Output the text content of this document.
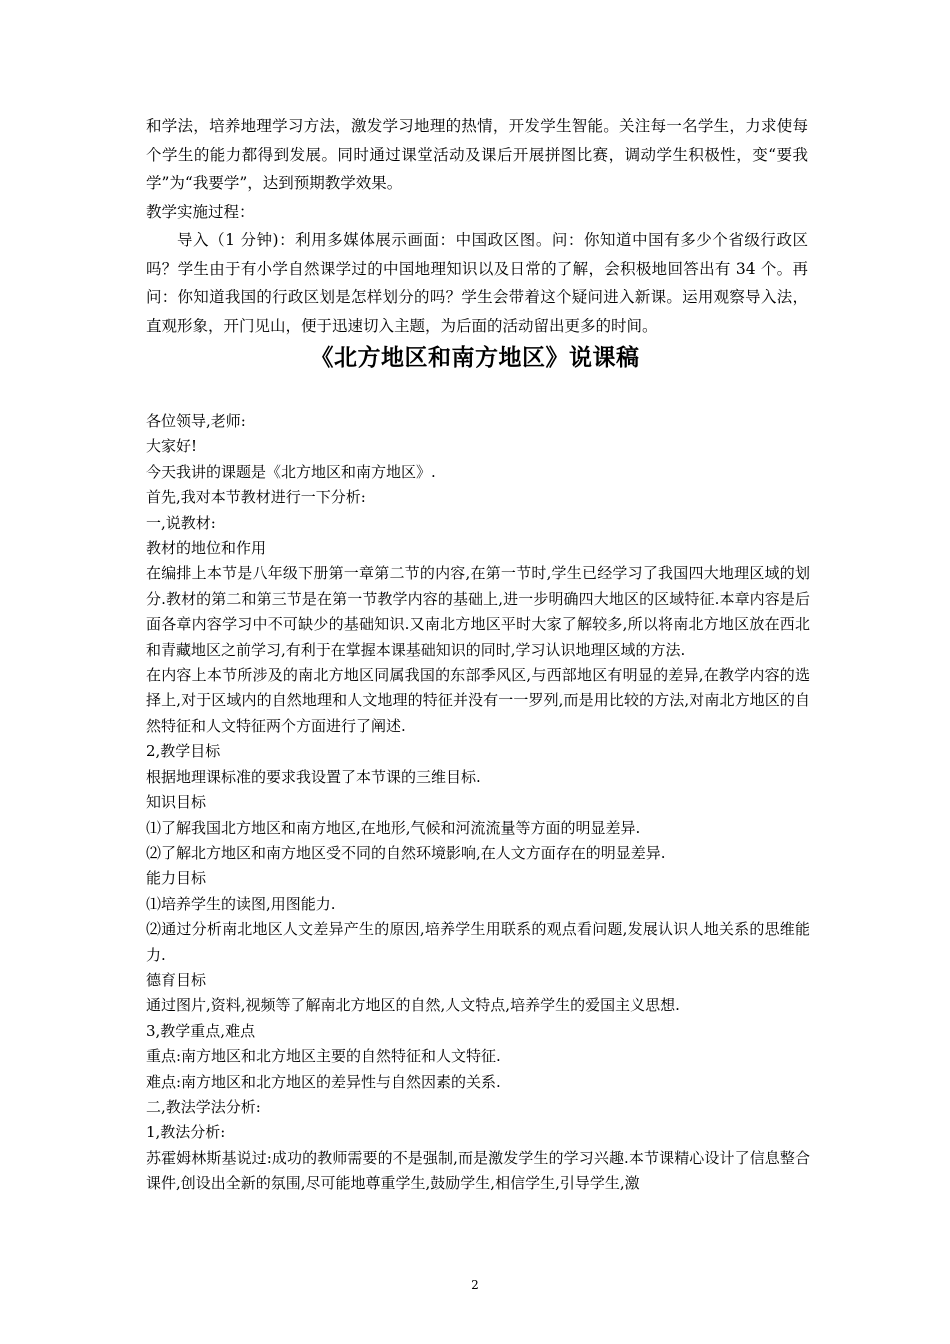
和学法，培养地理学习方法，激发学习地理的热情，开发学生智能。关注每一名学生，力求使每个学生的能力都得到发展。同时通过课堂活动及课后开展拼图比赛，调动学生积极性，变“要我学”为“我要学”，达到预期教学效果。

教学实施过程：

导入（1 分钟)：利用多媒体展示画面：中国政区图。问：你知道中国有多少个省级行政区吗？学生由于有小学自然课学过的中国地理知识以及日常的了解，会积极地回答出有 34 个。再问：你知道我国的行政区划是怎样划分的吗？学生会带着这个疑问进入新课。运用观察导入法，直观形象，开门见山，便于迅速切入主题，为后面的活动留出更多的时间。

《北方地区和南方地区》说课稿

各位领导,老师:

大家好!

今天我讲的课题是《北方地区和南方地区》.

首先,我对本节教材进行一下分析:

一,说教材:

教材的地位和作用

在编排上本节是八年级下册第一章第二节的内容,在第一节时,学生已经学习了我国四大地理区域的划分.教材的第二和第三节是在第一节教学内容的基础上,进一步明确四大地区的区域特征.本章内容是后面各章内容学习中不可缺少的基础知识.又南北方地区平时大家了解较多,所以将南北方地区放在西北和青藏地区之前学习,有利于在掌握本课基础知识的同时,学习认识地理区域的方法.

在内容上本节所涉及的南北方地区同属我国的东部季风区,与西部地区有明显的差异,在教学内容的选择上,对于区域内的自然地理和人文地理的特征并没有一一罗列,而是用比较的方法,对南北方地区的自然特征和人文特征两个方面进行了阐述.

2,教学目标

根据地理课标准的要求我设置了本节课的三维目标.

知识目标

⑴了解我国北方地区和南方地区,在地形,气候和河流流量等方面的明显差异.

⑵了解北方地区和南方地区受不同的自然环境影响,在人文方面存在的明显差异.

能力目标

⑴培养学生的读图,用图能力.

⑵通过分析南北地区人文差异产生的原因,培养学生用联系的观点看问题,发展认识人地关系的思维能力.

德育目标

通过图片,资料,视频等了解南北方地区的自然,人文特点,培养学生的爱国主义思想.

3,教学重点,难点

重点:南方地区和北方地区主要的自然特征和人文特征.

难点:南方地区和北方地区的差异性与自然因素的关系.

二,教法学法分析:

1,教法分析:

苏霍姆林斯基说过:成功的教师需要的不是强制,而是激发学生的学习兴趣.本节课精心设计了信息整合课件,创设出全新的氛围,尽可能地尊重学生,鼓励学生,相信学生,引导学生,激

2
